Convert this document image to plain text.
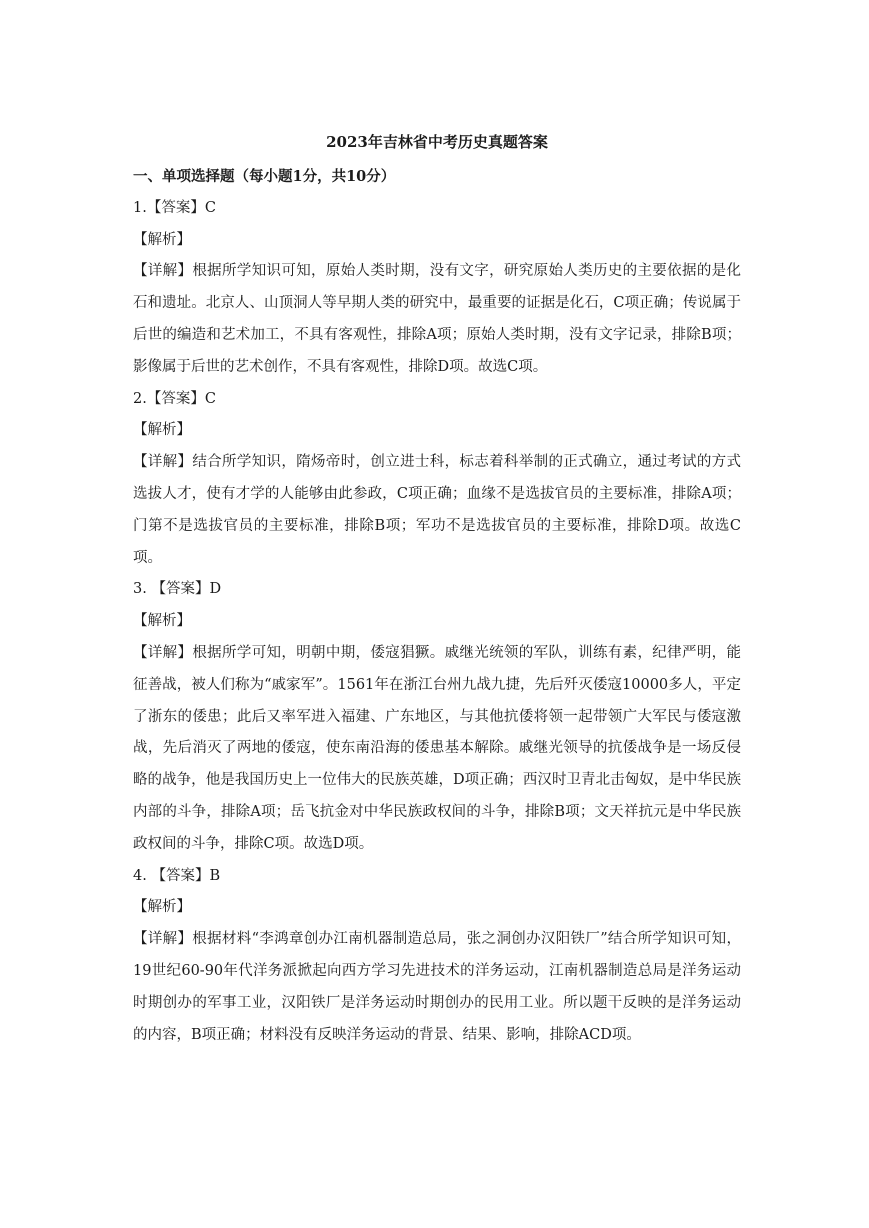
2023年吉林省中考历史真题答案

一、单项选择题（每小题1分，共10分）

1.【答案】C

【解析】

【详解】根据所学知识可知，原始人类时期，没有文字，研究原始人类历史的主要依据的是化石和遗址。北京人、山顶洞人等早期人类的研究中，最重要的证据是化石，C项正确；传说属于后世的编造和艺术加工，不具有客观性，排除A项；原始人类时期，没有文字记录，排除B项；影像属于后世的艺术创作，不具有客观性，排除D项。故选C项。

2.【答案】C

【解析】

【详解】结合所学知识，隋炀帝时，创立进士科，标志着科举制的正式确立，通过考试的方式选拔人才，使有才学的人能够由此参政，C项正确；血缘不是选拔官员的主要标准，排除A项；门第不是选拔官员的主要标准，排除B项；军功不是选拔官员的主要标准，排除D项。故选C项。

3. 【答案】D

【解析】

【详解】根据所学可知，明朝中期，倭寇猖獗。戚继光统领的军队，训练有素，纪律严明，能征善战，被人们称为“戚家军”。1561年在浙江台州九战九捷，先后歼灭倭寇10000多人，平定了浙东的倭患；此后又率军进入福建、广东地区，与其他抗倭将领一起带领广大军民与倭寇激战，先后消灭了两地的倭寇，使东南沿海的倭患基本解除。戚继光领导的抗倭战争是一场反侵略的战争，他是我国历史上一位伟大的民族英雄，D项正确；西汉时卫青北击匈奴，是中华民族内部的斗争，排除A项；岳飞抗金对中华民族政权间的斗争，排除B项；文天祥抗元是中华民族政权间的斗争，排除C项。故选D项。

4. 【答案】B

【解析】

【详解】根据材料“李鸿章创办江南机器制造总局，张之洞创办汉阳铁厂”结合所学知识可知，19世纪60-90年代洋务派掀起向西方学习先进技术的洋务运动，江南机器制造总局是洋务运动时期创办的军事工业，汉阳铁厂是洋务运动时期创办的民用工业。所以题干反映的是洋务运动的内容，B项正确；材料没有反映洋务运动的背景、结果、影响，排除ACD项。
